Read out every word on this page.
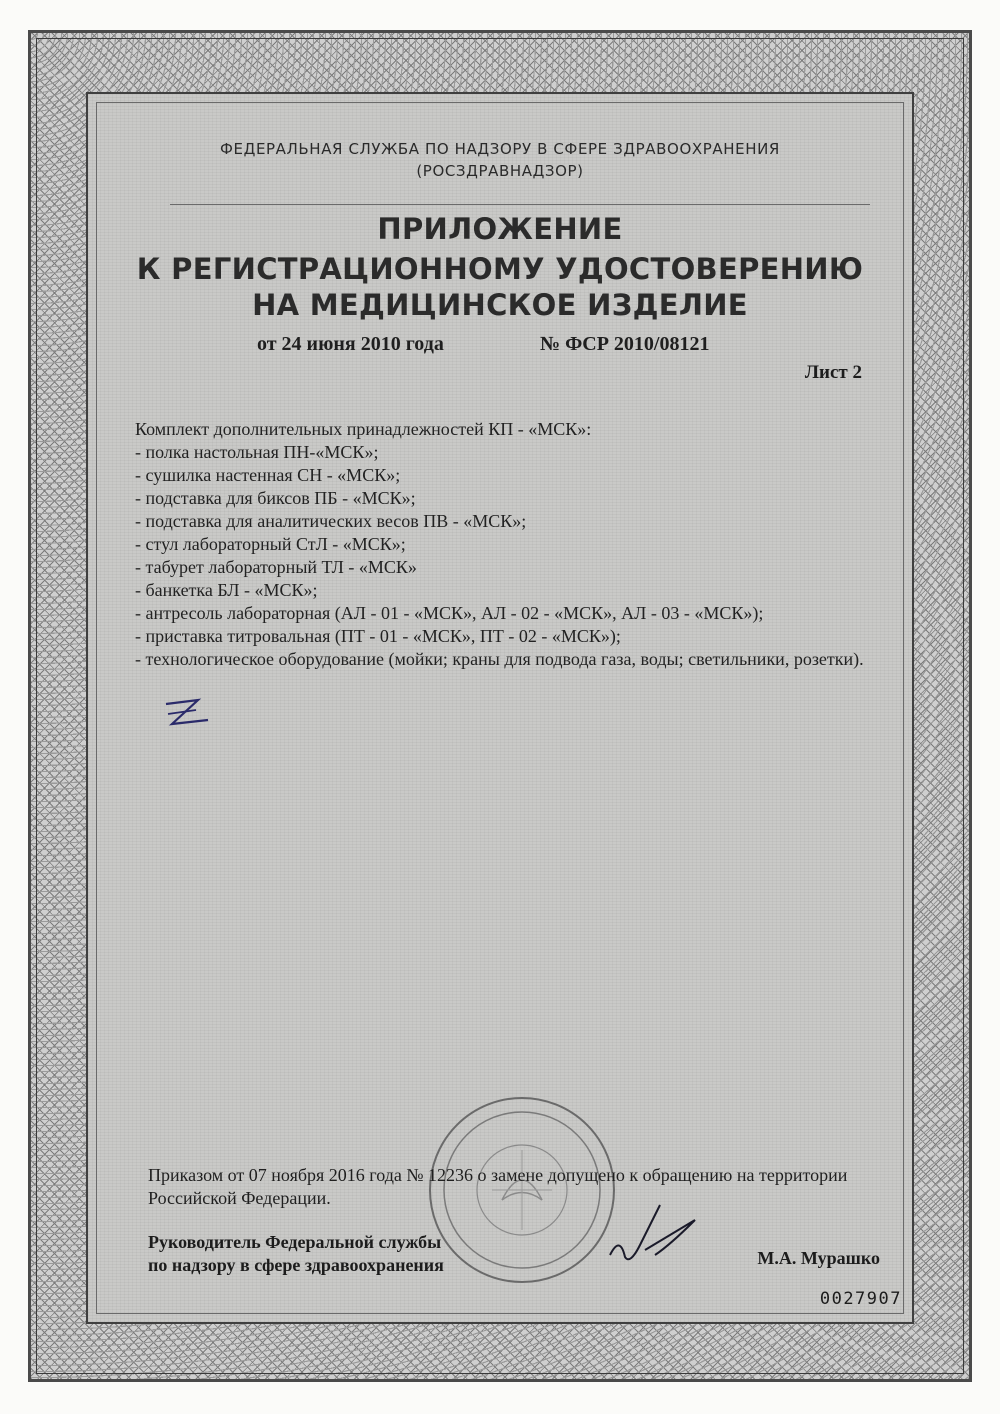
ФЕДЕРАЛЬНАЯ СЛУЖБА ПО НАДЗОРУ В СФЕРЕ ЗДРАВООХРАНЕНИЯ
(РОСЗДРАВНАДЗОР)
ПРИЛОЖЕНИЕ
К РЕГИСТРАЦИОННОМУ УДОСТОВЕРЕНИЮ
НА МЕДИЦИНСКОЕ ИЗДЕЛИЕ
от 24 июня 2010 года	№ ФСР 2010/08121
Лист 2
Комплект дополнительных принадлежностей КП - «МСК»:
- полка настольная ПН-«МСК»;
- сушилка настенная СН - «МСК»;
- подставка для биксов ПБ - «МСК»;
- подставка для аналитических весов ПВ - «МСК»;
- стул лабораторный СтЛ - «МСК»;
- табурет лабораторный ТЛ - «МСК»
- банкетка БЛ - «МСК»;
- антресоль лабораторная (АЛ - 01 - «МСК», АЛ - 02 - «МСК», АЛ - 03 - «МСК»);
- приставка титровальная (ПТ - 01 - «МСК», ПТ - 02 - «МСК»);
- технологическое оборудование (мойки; краны для подвода газа, воды; светильники, розетки).
Приказом от 07 ноября 2016 года № 12236 о замене допущено к обращению на территории Российской Федерации.
Руководитель Федеральной службы
по надзору в сфере здравоохранения	М.А. Мурашко
0027907
